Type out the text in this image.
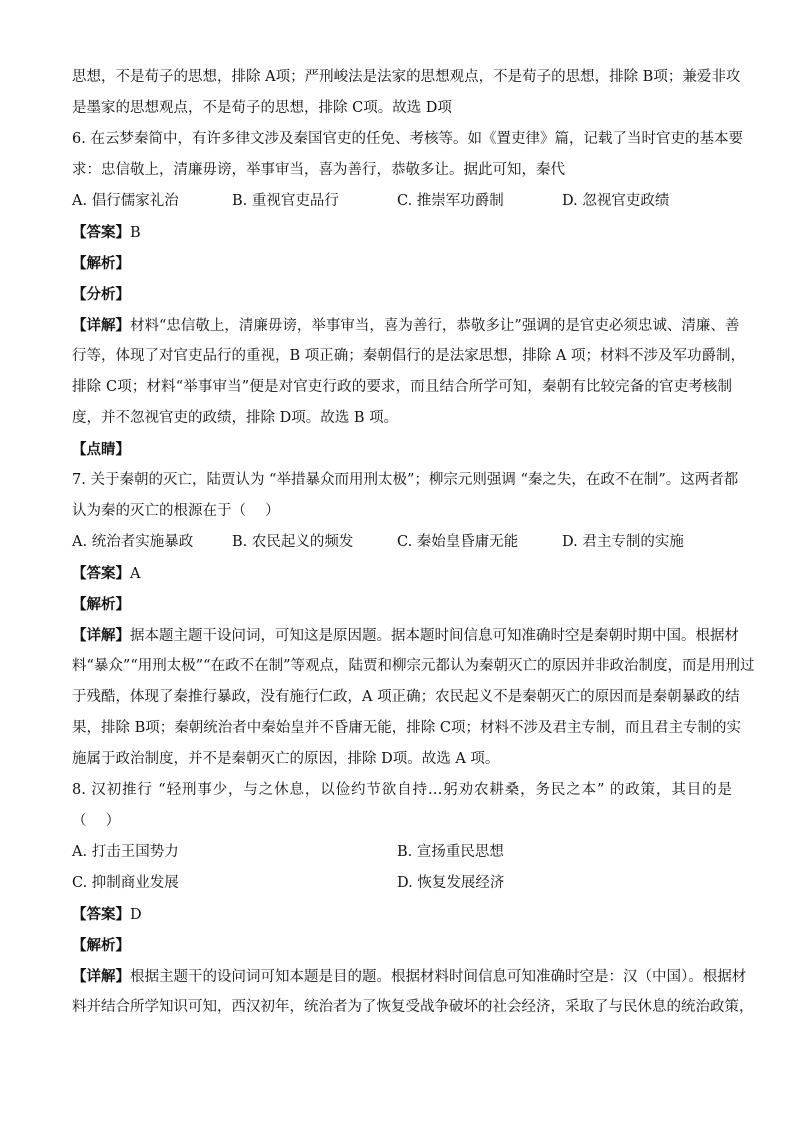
思想，不是荀子的思想，排除 A项；严刑峻法是法家的思想观点，不是荀子的思想，排除 B项；兼爱非攻
是墨家的思想观点，不是荀子的思想，排除 C项。故选 D项
6. 在云梦秦简中，有许多律文涉及秦国官吏的任免、考核等。如《置吏律》篇，记载了当时官吏的基本要
求：忠信敬上，清廉毋谤，举事审当，喜为善行，恭敬多让。据此可知，秦代
A. 倡行儒家礼治	B. 重视官吏品行	C. 推崇军功爵制	D. 忽视官吏政绩
【答案】B
【解析】
【分析】
【详解】材料“忠信敬上，清廉毋谤，举事审当，喜为善行，恭敬多让”强调的是官吏必须忠诚、清廉、善
行等，体现了对官吏品行的重视，B 项正确；秦朝倡行的是法家思想，排除 A 项；材料不涉及军功爵制，
排除 C项；材料“举事审当”便是对官吏行政的要求，而且结合所学可知，秦朝有比较完备的官吏考核制
度，并不忽视官吏的政绩，排除 D项。故选 B 项。
【点睛】
7. 关于秦朝的灭亡，陆贾认为 “举措暴众而用刑太极”；柳宗元则强调 “秦之失，在政不在制”。这两者都
认为秦的灭亡的根源在于（　 ）
A. 统治者实施暴政	B. 农民起义的频发	C. 秦始皇昏庸无能	D. 君主专制的实施
【答案】A
【解析】
【详解】据本题主题干设问词，可知这是原因题。据本题时间信息可知准确时空是秦朝时期中国。根据材
料“暴众”“用刑太极”“在政不在制”等观点，陆贾和柳宗元都认为秦朝灭亡的原因并非政治制度，而是用刑过
于残酷，体现了秦推行暴政，没有施行仁政，A 项正确；农民起义不是秦朝灭亡的原因而是秦朝暴政的结
果，排除 B项；秦朝统治者中秦始皇并不昏庸无能，排除 C项；材料不涉及君主专制，而且君主专制的实
施属于政治制度，并不是秦朝灭亡的原因，排除 D项。故选 A 项。
8. 汉初推行 “轻刑事少，与之休息，以俭约节欲自持…躬劝农耕桑，务民之本” 的政策，其目的是
（　 ）
A. 打击王国势力	B. 宣扬重民思想
C. 抑制商业发展	D. 恢复发展经济
【答案】D
【解析】
【详解】根据主题干的设问词可知本题是目的题。根据材料时间信息可知准确时空是：汉（中国）。根据材
料并结合所学知识可知，西汉初年，统治者为了恢复受战争破坏的社会经济，采取了与民休息的统治政策，
